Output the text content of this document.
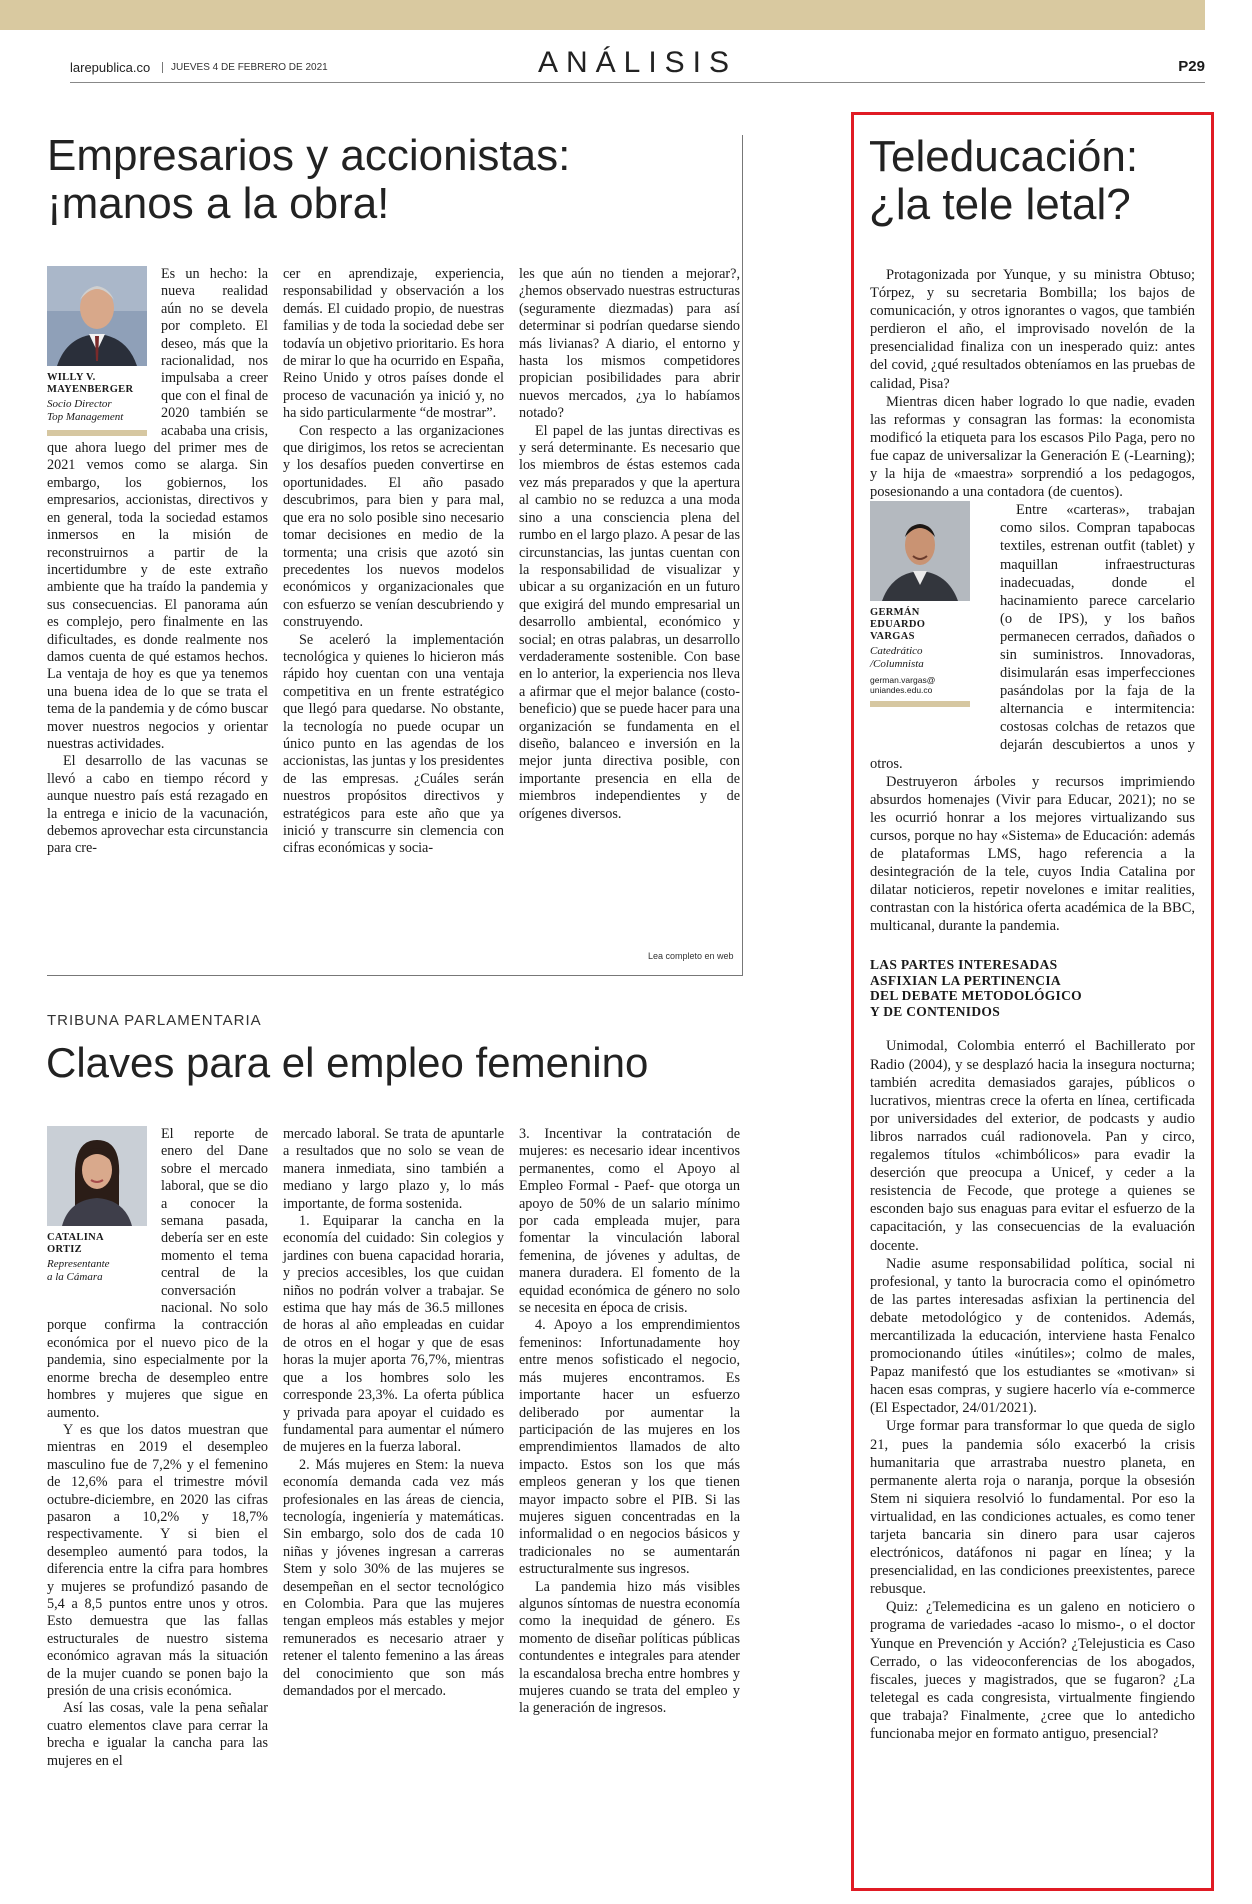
larepublica.co	JUEVES 4 DE FEBRERO DE 2021	ANÁLISIS	P29
Empresarios y accionistas:
¡manos a la obra!
WILLY V.
MAYENBERGER
Socio Director
Top Management

Es un hecho: la nueva realidad aún no se devela por completo. El deseo, más que la racionalidad, nos impulsaba a creer que con el final de 2020 también se acababa una crisis, que ahora luego del primer mes de 2021 vemos como se alarga. Sin embargo, los gobiernos, los empresarios, accionistas, directivos y en general, toda la sociedad estamos inmersos en la misión de reconstruirnos a partir de la incertidumbre y de este extraño ambiente que ha traído la pandemia y sus consecuencias. El panorama aún es complejo, pero finalmente en las dificultades, es donde realmente nos damos cuenta de qué estamos hechos. La ventaja de hoy es que ya tenemos una buena idea de lo que se trata el tema de la pandemia y de cómo buscar mover nuestros negocios y orientar nuestras actividades.

El desarrollo de las vacunas se llevó a cabo en tiempo récord y aunque nuestro país está rezagado en la entrega e inicio de la vacunación, debemos aprovechar esta circunstancia para cre-

cer en aprendizaje, experiencia, responsabilidad y observación a los demás. El cuidado propio, de nuestras familias y de toda la sociedad debe ser todavía un objetivo prioritario. Es hora de mirar lo que ha ocurrido en España, Reino Unido y otros países donde el proceso de vacunación ya inició y, no ha sido particularmente “de mostrar”.

Con respecto a las organizaciones que dirigimos, los retos se acrecientan y los desafíos pueden convertirse en oportunidades. El año pasado descubrimos, para bien y para mal, que era no solo posible sino necesario tomar decisiones en medio de la tormenta; una crisis que azotó sin precedentes los nuevos modelos económicos y organizacionales que con esfuerzo se venían descubriendo y construyendo.

Se aceleró la implementación tecnológica y quienes lo hicieron más rápido hoy cuentan con una ventaja competitiva en un frente estratégico que llegó para quedarse. No obstante, la tecnología no puede ocupar un único punto en las agendas de los accionistas, las juntas y los presidentes de las empresas. ¿Cuáles serán nuestros propósitos directivos y estratégicos para este año que ya inició y transcurre sin clemencia con cifras económicas y socia-

les que aún no tienden a mejorar?, ¿hemos observado nuestras estructuras (seguramente diezmadas) para así determinar si podrían quedarse siendo más livianas? A diario, el entorno y hasta los mismos competidores propician posibilidades para abrir nuevos mercados, ¿ya lo habíamos notado?

El papel de las juntas directivas es y será determinante. Es necesario que los miembros de éstas estemos cada vez más preparados y que la apertura al cambio no se reduzca a una moda sino a una consciencia plena del rumbo en el largo plazo. A pesar de las circunstancias, las juntas cuentan con la responsabilidad de visualizar y ubicar a su organización en un futuro que exigirá del mundo empresarial un desarrollo ambiental, económico y social; en otras palabras, un desarrollo verdaderamente sostenible. Con base en lo anterior, la experiencia nos lleva a afirmar que el mejor balance (costo-beneficio) que se puede hacer para una organización se fundamenta en el diseño, balanceo e inversión en la mejor junta directiva posible, con importante presencia en ella de miembros independientes y de orígenes diversos.

Lea completo en web
TRIBUNA PARLAMENTARIA
Claves para el empleo femenino
CATALINA
ORTIZ
Representante
a la Cámara

El reporte de enero del Dane sobre el mercado laboral, que se dio a conocer la semana pasada, debería ser en este momento el tema central de la conversación nacional. No solo porque confirma la contracción económica por el nuevo pico de la pandemia, sino especialmente por la enorme brecha de desempleo entre hombres y mujeres que sigue en aumento.

Y es que los datos muestran que mientras en 2019 el desempleo masculino fue de 7,2% y el femenino de 12,6% para el trimestre móvil octubre-diciembre, en 2020 las cifras pasaron a 10,2% y 18,7% respectivamente. Y si bien el desempleo aumentó para todos, la diferencia entre la cifra para hombres y mujeres se profundizó pasando de 5,4 a 8,5 puntos entre unos y otros. Esto demuestra que las fallas estructurales de nuestro sistema económico agravan más la situación de la mujer cuando se ponen bajo la presión de una crisis económica.

Así las cosas, vale la pena señalar cuatro elementos clave para cerrar la brecha e igualar la cancha para las mujeres en el

mercado laboral. Se trata de apuntarle a resultados que no solo se vean de manera inmediata, sino también a mediano y largo plazo y, lo más importante, de forma sostenida.

1. Equiparar la cancha en la economía del cuidado: Sin colegios y jardines con buena capacidad horaria, y precios accesibles, los que cuidan niños no podrán volver a trabajar. Se estima que hay más de 36.5 millones de horas al año empleadas en cuidar de otros en el hogar y que de esas horas la mujer aporta 76,7%, mientras que a los hombres solo les corresponde 23,3%. La oferta pública y privada para apoyar el cuidado es fundamental para aumentar el número de mujeres en la fuerza laboral.

2. Más mujeres en Stem: la nueva economía demanda cada vez más profesionales en las áreas de ciencia, tecnología, ingeniería y matemáticas. Sin embargo, solo dos de cada 10 niñas y jóvenes ingresan a carreras Stem y solo 30% de las mujeres se desempeñan en el sector tecnológico en Colombia. Para que las mujeres tengan empleos más estables y mejor remunerados es necesario atraer y retener el talento femenino a las áreas del conocimiento que son más demandados por el mercado.

3. Incentivar la contratación de mujeres: es necesario idear incentivos permanentes, como el Apoyo al Empleo Formal - Paef- que otorga un apoyo de 50% de un salario mínimo por cada empleada mujer, para fomentar la vinculación laboral femenina, de jóvenes y adultas, de manera duradera. El fomento de la equidad económica de género no solo se necesita en época de crisis.

4. Apoyo a los emprendimientos femeninos: Infortunadamente hoy entre menos sofisticado el negocio, más mujeres encontramos. Es importante hacer un esfuerzo deliberado por aumentar la participación de las mujeres en los emprendimientos llamados de alto impacto. Estos son los que más empleos generan y los que tienen mayor impacto sobre el PIB. Si las mujeres siguen concentradas en la informalidad o en negocios básicos y tradicionales no se aumentarán estructuralmente sus ingresos.

La pandemia hizo más visibles algunos síntomas de nuestra economía como la inequidad de género. Es momento de diseñar políticas públicas contundentes e integrales para atender la escandalosa brecha entre hombres y mujeres cuando se trata del empleo y la generación de ingresos.

Teleducación:
¿la tele letal?

Protagonizada por Yunque, y su ministra Obtuso; Tórpez, y su secretaria Bombilla; los bajos de comunicación, y otros ignorantes o vagos, que también perdieron el año, el improvisado novelón de la presencialidad finaliza con un inesperado quiz: antes del covid, ¿qué resultados obteníamos en las pruebas de calidad, Pisa?

Mientras dicen haber logrado lo que nadie, evaden las reformas y consagran las formas: la economista modificó la etiqueta para los escasos Pilo Paga, pero no fue capaz de universalizar la Generación E (-Learning); y la hija de «maestra» sorprendió a los pedagogos, posesionando a una contadora (de cuentos).

GERMÁN
EDUARDO
VARGAS
Catedrático
/Columnista
german.vargas@
uniandes.edu.co

Entre «carteras», trabajan como silos. Compran tapabocas textiles, estrenan outfit (tablet) y maquillan infraestructuras inadecuadas, donde el hacinamiento parece carcelario (o de IPS), y los baños permanecen cerrados, dañados o sin suministros. Innovadoras, disimularán esas imperfecciones pasándolas por la faja de la alternancia e intermitencia: costosas colchas de retazos que dejarán descubiertos a unos y otros.

Destruyeron árboles y recursos imprimiendo absurdos homenajes (Vivir para Educar, 2021); no se les ocurrió honrar a los mejores virtualizando sus cursos, porque no hay «Sistema» de Educación: además de plataformas LMS, hago referencia a la desintegración de la tele, cuyos India Catalina por dilatar noticieros, repetir novelones e imitar realities, contrastan con la histórica oferta académica de la BBC, multicanal, durante la pandemia.

LAS PARTES INTERESADAS
ASFIXIAN LA PERTINENCIA
DEL DEBATE METODOLÓGICO
Y DE CONTENIDOS

Unimodal, Colombia enterró el Bachillerato por Radio (2004), y se desplazó hacia la insegura nocturna; también acredita demasiados garajes, públicos o lucrativos, mientras crece la oferta en línea, certificada por universidades del exterior, de podcasts y audio libros narrados cuál radionovela. Pan y circo, regalemos títulos «chimbólicos» para evadir la deserción que preocupa a Unicef, y ceder a la resistencia de Fecode, que protege a quienes se esconden bajo sus enaguas para evitar el esfuerzo de la capacitación, y las consecuencias de la evaluación docente.

Nadie asume responsabilidad política, social ni profesional, y tanto la burocracia como el opinómetro de las partes interesadas asfixian la pertinencia del debate metodológico y de contenidos. Además, mercantilizada la educación, interviene hasta Fenalco promocionando útiles «inútiles»; colmo de males, Papaz manifestó que los estudiantes se «motivan» si hacen esas compras, y sugiere hacerlo vía e-commerce (El Espectador, 24/01/2021).

Urge formar para transformar lo que queda de siglo 21, pues la pandemia sólo exacerbó la crisis humanitaria que arrastraba nuestro planeta, en permanente alerta roja o naranja, porque la obsesión Stem ni siquiera resolvió lo fundamental. Por eso la virtualidad, en las condiciones actuales, es como tener tarjeta bancaria sin dinero para usar cajeros electrónicos, datáfonos ni pagar en línea; y la presencialidad, en las condiciones preexistentes, parece rebusque.

Quiz: ¿Telemedicina es un galeno en noticiero o programa de variedades -acaso lo mismo-, o el doctor Yunque en Prevención y Acción? ¿Telejusticia es Caso Cerrado, o las videoconferencias de los abogados, fiscales, jueces y magistrados, que se fugaron? ¿La teletegal es cada congresista, virtualmente fingiendo que trabaja? Finalmente, ¿cree que lo antedicho funcionaba mejor en formato antiguo, presencial?
